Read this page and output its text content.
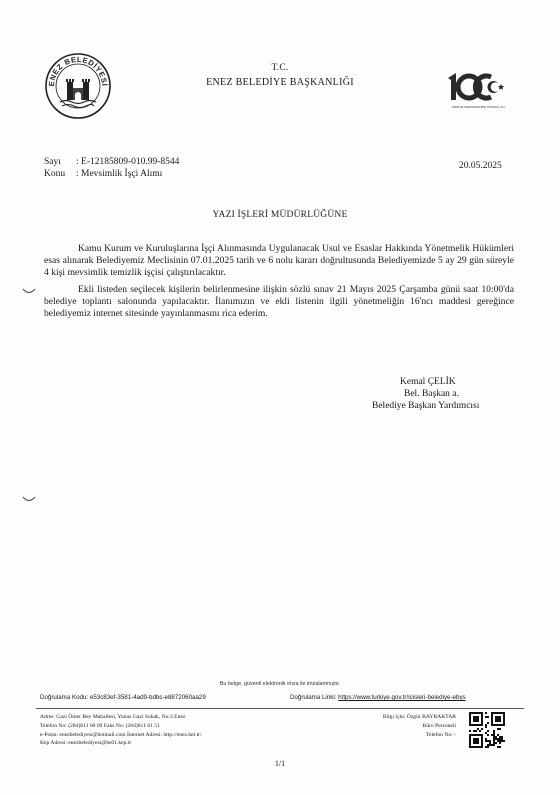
ENEZ BELEDİYESİ
T.C.
ENEZ BELEDİYE BAŞKANLIĞI
TÜRKİYE CUMHURİYETİNİN YÜZÜNCÜ YILI
Sayı : E-12185809-010.99-8544
Konu : Mevsimlik İşçi Alımı
20.05.2025
YAZI İŞLERİ MÜDÜRLÜĞÜNE
Kamu Kurum ve Kuruluşlarına İşçi Alınmasında Uygulanacak Usul ve Esaslar Hakkında Yönetmelik Hükümleri esas alınarak Belediyemiz Meclisinin 07.01.2025 tarih ve 6 nolu kararı doğrultusunda Belediyemizde 5 ay 29 gün süreyle 4 kişi mevsimlik temizlik işçisi çalıştırılacaktır.
Ekli listeden seçilecek kişilerin belirlenmesine ilişkin sözlü sınav 21 Mayıs 2025 Çarşamba günü saat 10:00'da belediye toplantı salonunda yapılacaktır. İlanımızın ve ekli listenin ilgili yönetmeliğin 16'ncı maddesi gereğince belediyemiz internet sitesinde yayınlanmasını rica ederim.
Kemal ÇELİK
Bel. Başkan a.
Belediye Başkan Yardımcısı
Bu belge, güvenli elektronik imza ile imzalanmıştır.
Doğrulama Kodu: e53c83ef-3581-4ad9-bdbc-e8872060aa29	Doğrulama Linki: https://www.turkiye.gov.tr/icisleri-belediye-ebys
Adres: Gazi Ömer Bey Mahallesi, Yunus Gazi Sokak, No:3 Enez
Telefon No: (284)811 60 09 Faks No: (284)811 61 51
e-Posta: enezbelediyesi@hotmail.com İnternet Adresi: http://enez.bel.tr/
Kep Adresi: enezbelediyesi@hs01.kep.tr
Bilgi için: Özgür BAYRAKTAR
Büro Personeli
Telefon No: -
1/1
